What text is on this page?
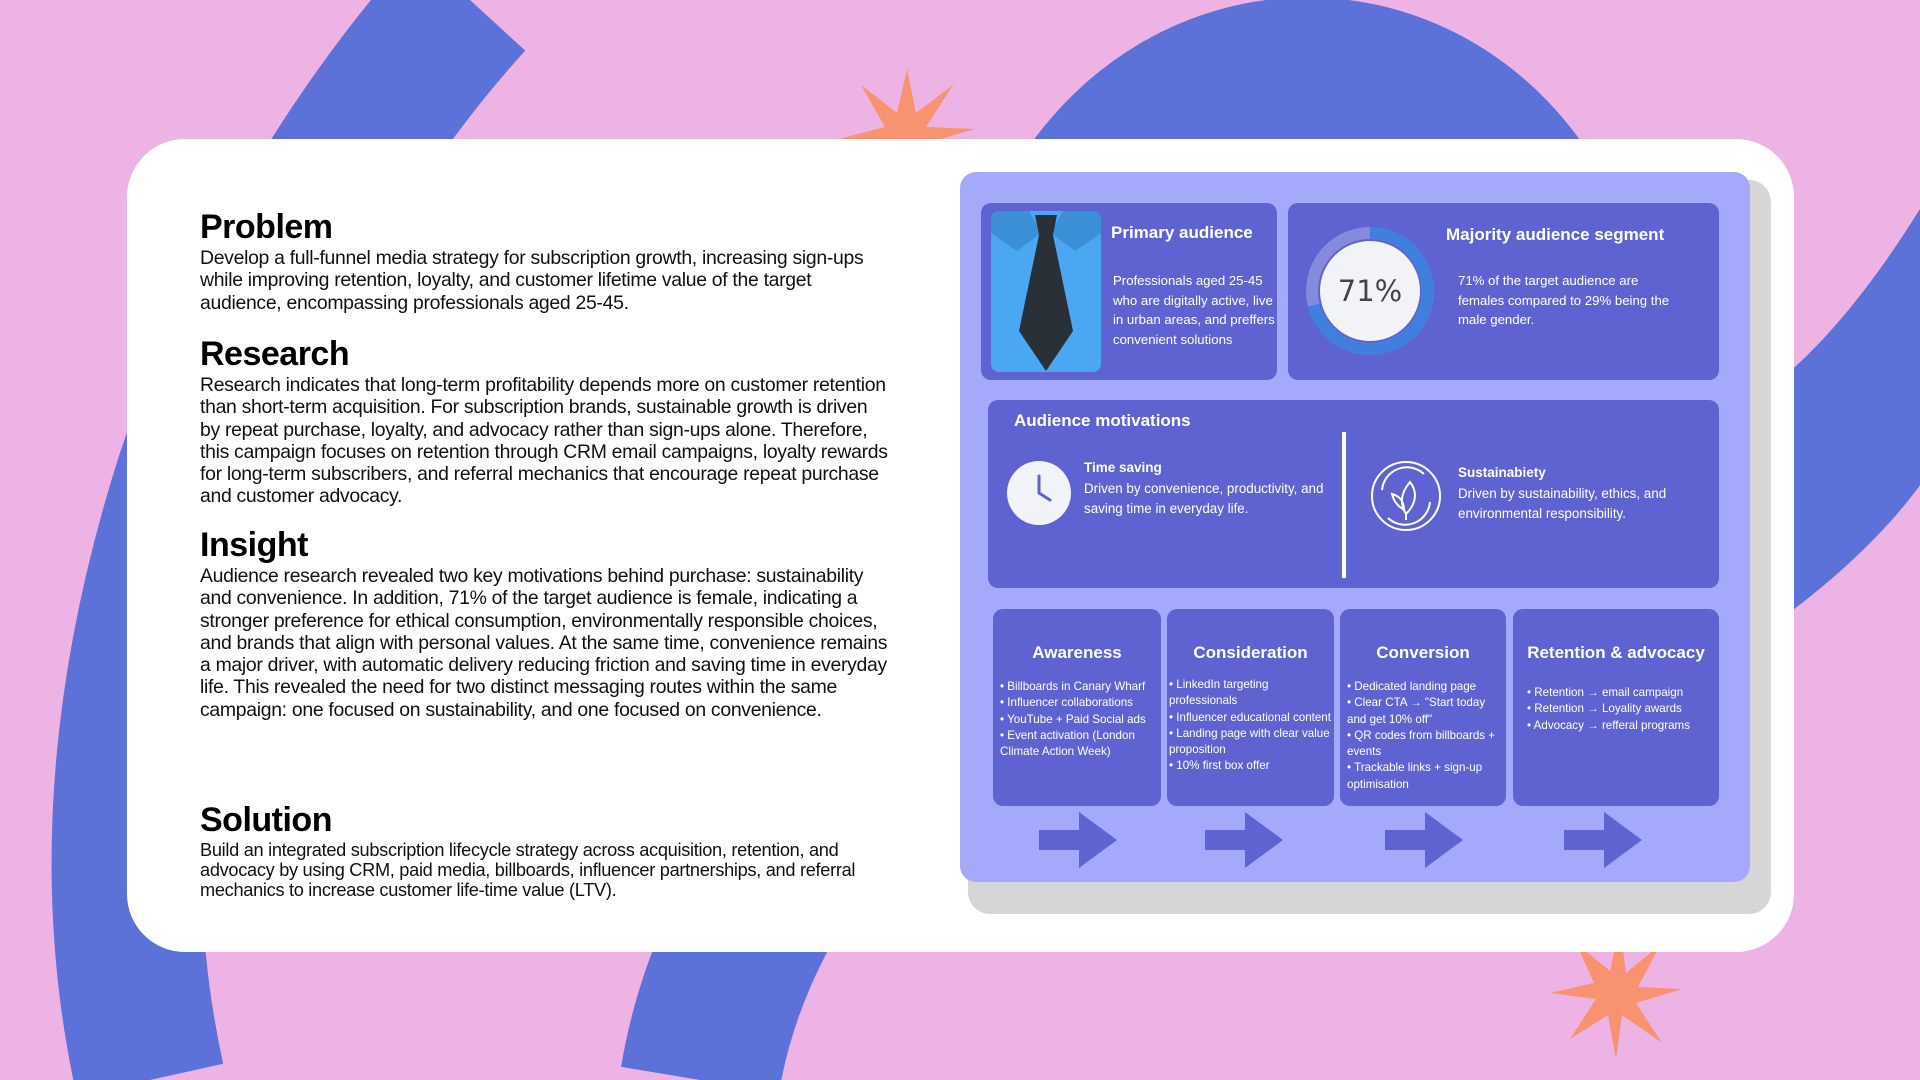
Problem

Develop a full-funnel media strategy for subscription growth, increasing sign-ups while improving retention, loyalty, and customer lifetime value of the target audience, encompassing professionals aged 25-45.

Research

Research indicates that long-term profitability depends more on customer retention than short-term acquisition. For subscription brands, sustainable growth is driven by repeat purchase, loyalty, and advocacy rather than sign-ups alone. Therefore, this campaign focuses on retention through CRM email campaigns, loyalty rewards for long-term subscribers, and referral mechanics that encourage repeat purchase and customer advocacy.

Insight

Audience research revealed two key motivations behind purchase: sustainability and convenience. In addition, 71% of the target audience is female, indicating a stronger preference for ethical consumption, environmentally responsible choices, and brands that align with personal values. At the same time, convenience remains a major driver, with automatic delivery reducing friction and saving time in everyday life. This revealed the need for two distinct messaging routes within the same campaign: one focused on sustainability, and one focused on convenience.

Solution

Build an integrated subscription lifecycle strategy across acquisition, retention, and advocacy by using CRM, paid media, billboards, influencer partnerships, and referral mechanics to increase customer life-time value (LTV).

Primary audience
Professionals aged 25-45 who are digitally active, live in urban areas, and preffers convenient solutions
71%
Majority audience segment
71% of the target audience are females compared to 29% being the male gender.
Audience motivations
Time saving
Driven by convenience, productivity, and saving time in everyday life.
Sustainabiety
Driven by sustainability, ethics, and environmental responsibility.
Awareness
• Billboards in Canary Wharf
• Influencer collaborations
• YouTube + Paid Social ads
• Event activation (London Climate Action Week)
Consideration
• LinkedIn targeting professionals
• Influencer educational content
• Landing page with clear value proposition
• 10% first box offer
Conversion
• Dedicated landing page
• Clear CTA → "Start today and get 10% off"
• QR codes from billboards + events
• Trackable links + sign-up optimisation
Retention & advocacy
• Retention → email campaign
• Retention → Loyality awards
• Advocacy → refferal programs
